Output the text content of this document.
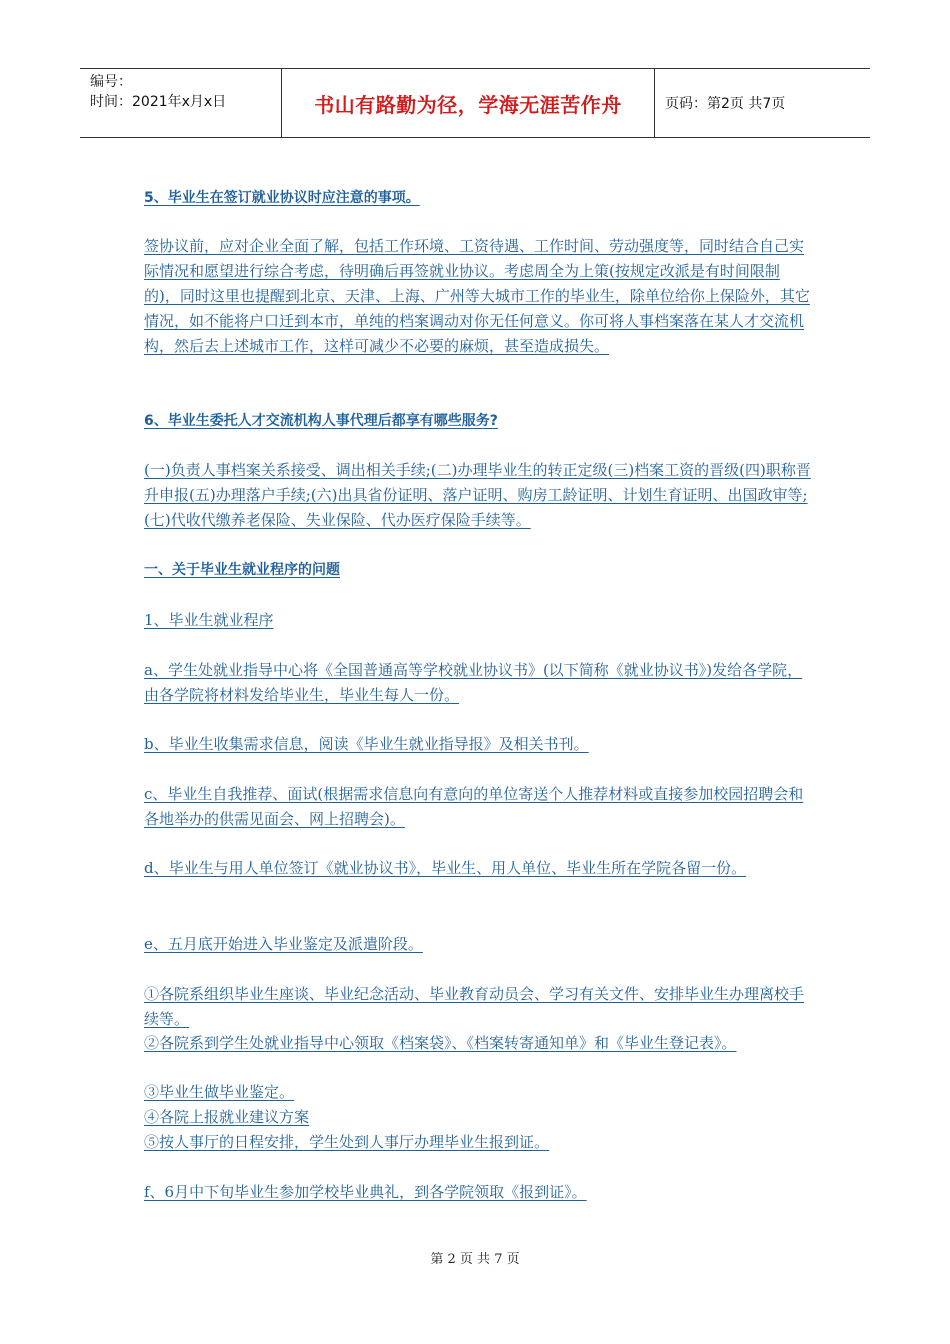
编号：
时间：2021年x月x日	书山有路勤为径，学海无涯苦作舟	页码：第2页 共7页

5、毕业生在签订就业协议时应注意的事项。

签协议前，应对企业全面了解，包括工作环境、工资待遇、工作时间、劳动强度等，同时结合自己实际情况和愿望进行综合考虑，待明确后再签就业协议。考虑周全为上策(按规定改派是有时间限制的)，同时这里也提醒到北京、天津、上海、广州等大城市工作的毕业生，除单位给你上保险外，其它情况，如不能将户口迁到本市，单纯的档案调动对你无任何意义。你可将人事档案落在某人才交流机构，然后去上述城市工作，这样可减少不必要的麻烦，甚至造成损失。

6、毕业生委托人才交流机构人事代理后都享有哪些服务?

(一)负责人事档案关系接受、调出相关手续;(二)办理毕业生的转正定级(三)档案工资的晋级(四)职称晋升申报(五)办理落户手续;(六)出具省份证明、落户证明、购房工龄证明、计划生育证明、出国政审等;(七)代收代缴养老保险、失业保险、代办医疗保险手续等。

一、关于毕业生就业程序的问题

1、毕业生就业程序

a、学生处就业指导中心将《全国普通高等学校就业协议书》(以下简称《就业协议书》)发给各学院，由各学院将材料发给毕业生，毕业生每人一份。

b、毕业生收集需求信息，阅读《毕业生就业指导报》及相关书刊。

c、毕业生自我推荐、面试(根据需求信息向有意向的单位寄送个人推荐材料或直接参加校园招聘会和各地举办的供需见面会、网上招聘会)。

d、毕业生与用人单位签订《就业协议书》，毕业生、用人单位、毕业生所在学院各留一份。

e、五月底开始进入毕业鉴定及派遣阶段。

①各院系组织毕业生座谈、毕业纪念活动、毕业教育动员会、学习有关文件、安排毕业生办理离校手续等。

②各院系到学生处就业指导中心领取《档案袋》、《档案转寄通知单》和《毕业生登记表》。

③毕业生做毕业鉴定。

④各院上报就业建议方案

⑤按人事厅的日程安排，学生处到人事厅办理毕业生报到证。

f、6月中下旬毕业生参加学校毕业典礼，到各学院领取《报到证》。

第 2 页 共 7 页
